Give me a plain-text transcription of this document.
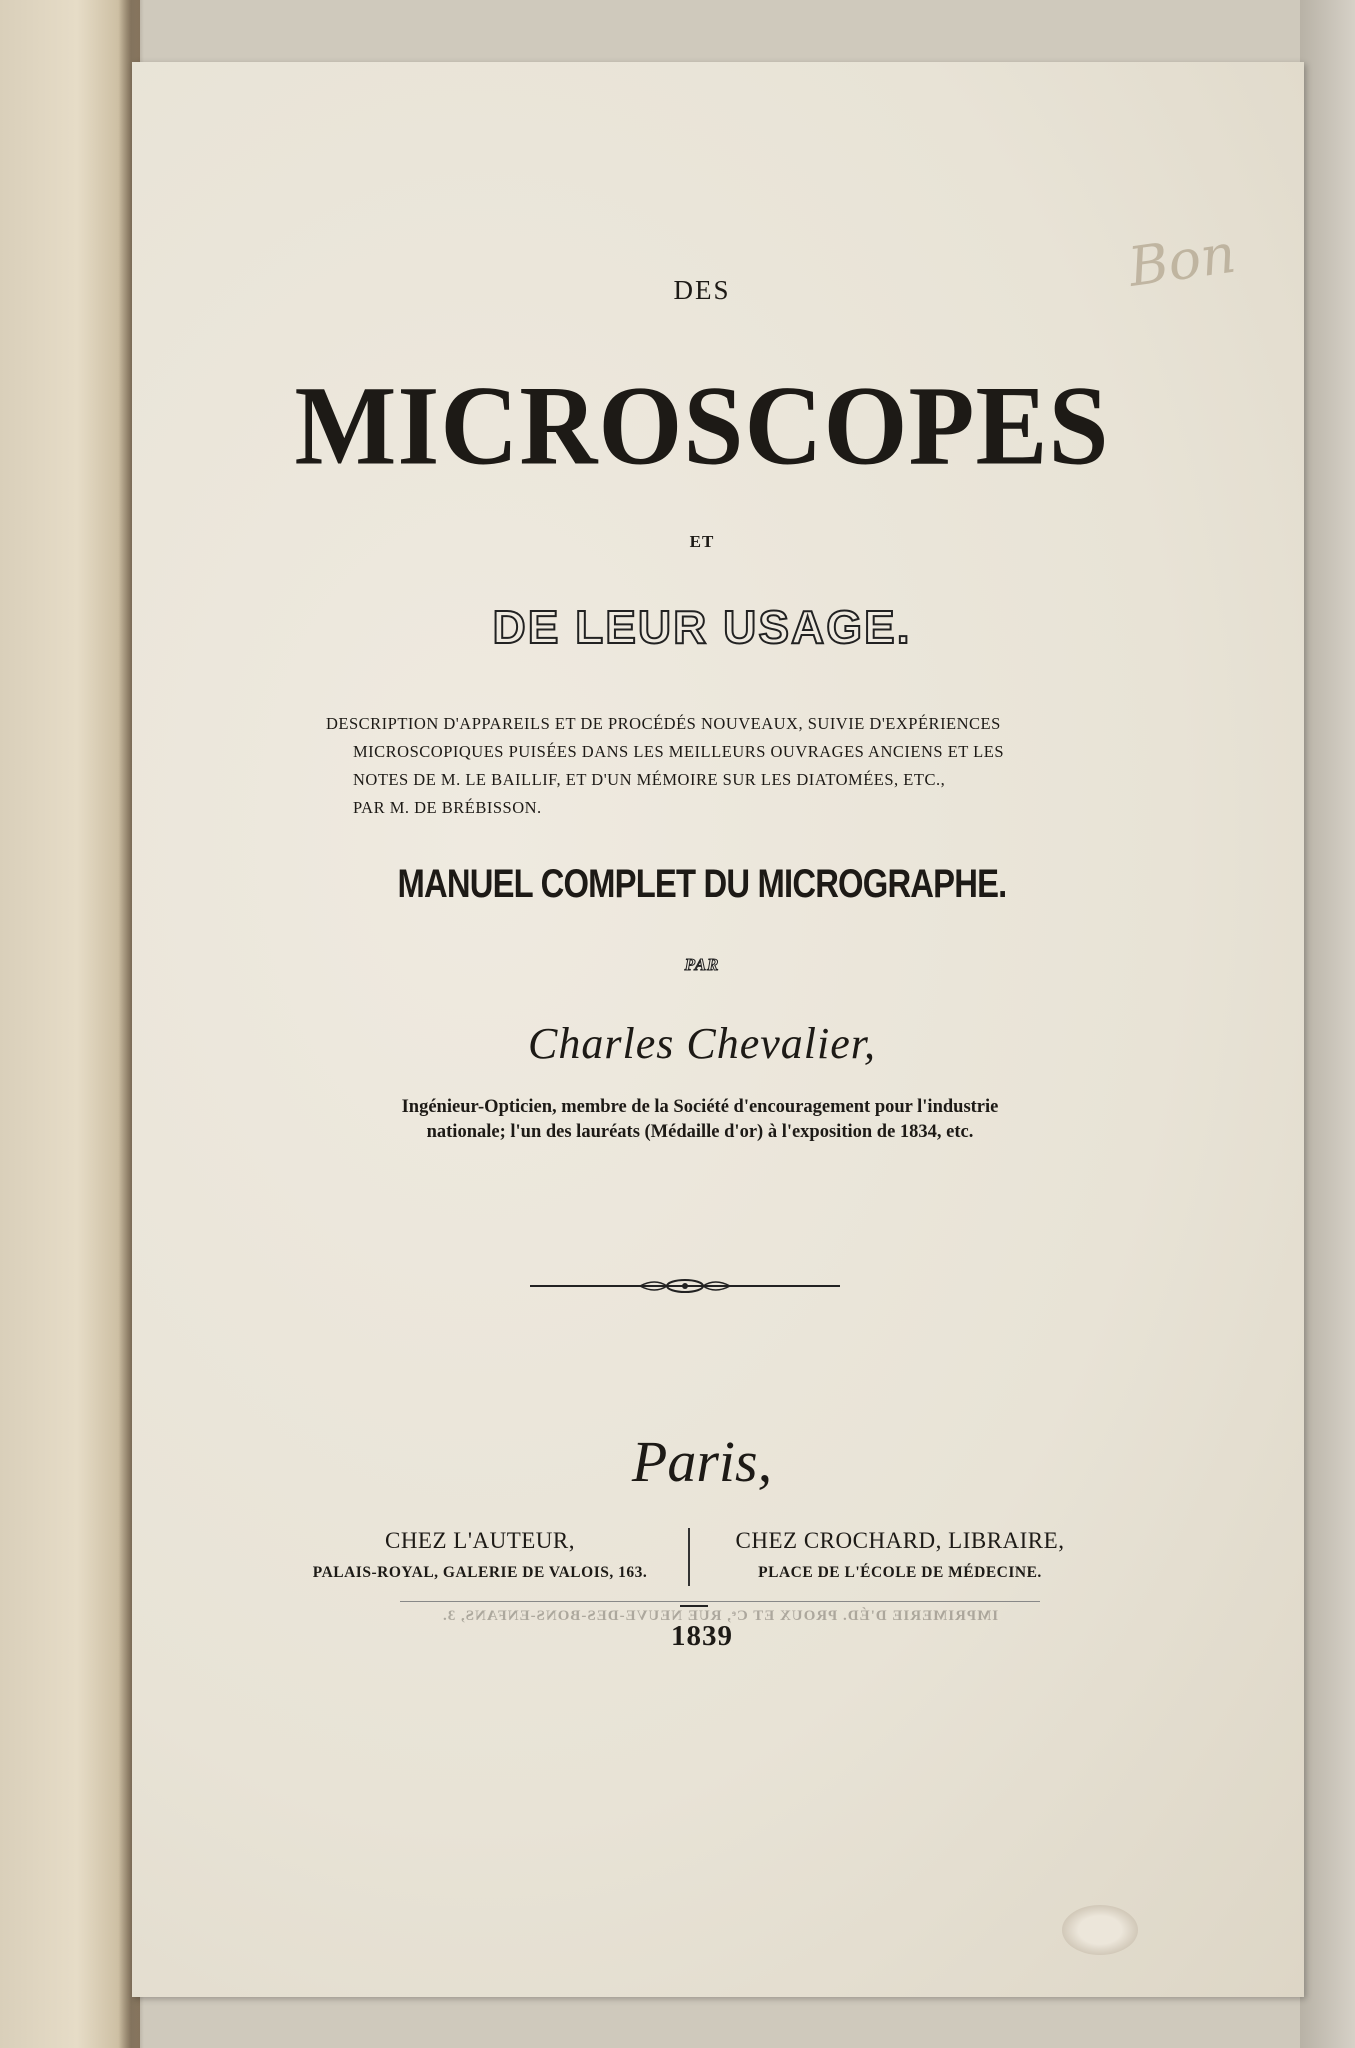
Bon
DES
MICROSCOPES
ET
DE LEUR USAGE.
DESCRIPTION D'APPAREILS ET DE PROCÉDÉS NOUVEAUX, SUIVIE D'EXPÉRIENCES
MICROSCOPIQUES PUISÉES DANS LES MEILLEURS OUVRAGES ANCIENS ET LES
NOTES DE M. LE BAILLIF, ET D'UN MÉMOIRE SUR LES DIATOMÉES, ETC.,
PAR M. DE BRÉBISSON.
MANUEL COMPLET DU MICROGRAPHE.
PAR
Charles Chevalier,
Ingénieur-Opticien, membre de la Société d'encouragement pour l'industrie
nationale; l'un des lauréats (Médaille d'or) à l'exposition de 1834, etc.
Paris,
CHEZ L'AUTEUR,
PALAIS-ROYAL, GALERIE DE VALOIS, 163.
CHEZ CROCHARD, LIBRAIRE,
PLACE DE L'ÉCOLE DE MÉDECINE.
IMPRIMERIE D'ÉD. PROUX ET Cᵉ, RUE NEUVE-DES-BONS-ENFANS, 3.
1839
